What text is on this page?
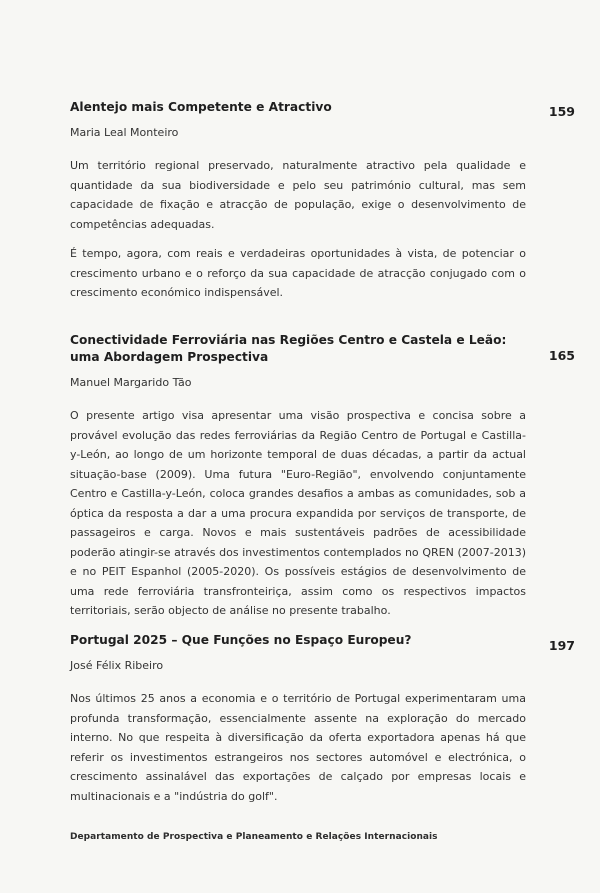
Alentejo mais Competente e Atractivo
Maria Leal Monteiro

Um território regional preservado, naturalmente atractivo pela qualidade e quantidade da sua biodiversidade e pelo seu património cultural, mas sem capacidade de fixação e atracção de população, exige o desenvolvimento de competências adequadas.

É tempo, agora, com reais e verdadeiras oportunidades à vista, de potenciar o crescimento urbano e o reforço da sua capacidade de atracção conjugado com o crescimento económico indispensável.

159
Conectividade Ferroviária nas Regiões Centro e Castela e Leão: uma Abordagem Prospectiva
Manuel Margarido Tão

O presente artigo visa apresentar uma visão prospectiva e concisa sobre a provável evolução das redes ferroviárias da Região Centro de Portugal e Castilla-y-León, ao longo de um horizonte temporal de duas décadas, a partir da actual situação-base (2009). Uma futura "Euro-Região", envolvendo conjuntamente Centro e Castilla-y-León, coloca grandes desafios a ambas as comunidades, sob a óptica da resposta a dar a uma procura expandida por serviços de transporte, de passageiros e carga. Novos e mais sustentáveis padrões de acessibilidade poderão atingir-se através dos investimentos contemplados no QREN (2007-2013) e no PEIT Espanhol (2005-2020). Os possíveis estágios de desenvolvimento de uma rede ferroviária transfronteiriça, assim como os respectivos impactos territoriais, serão objecto de análise no presente trabalho.

165
Portugal 2025 – Que Funções no Espaço Europeu?
José Félix Ribeiro

Nos últimos 25 anos a economia e o território de Portugal experimentaram uma profunda transformação, essencialmente assente na exploração do mercado interno. No que respeita à diversificação da oferta exportadora apenas há que referir os investimentos estrangeiros nos sectores automóvel e electrónica, o crescimento assinalável das exportações de calçado por empresas locais e multinacionais e a "indústria do golf".

197
Departamento de Prospectiva e Planeamento e Relações Internacionais
